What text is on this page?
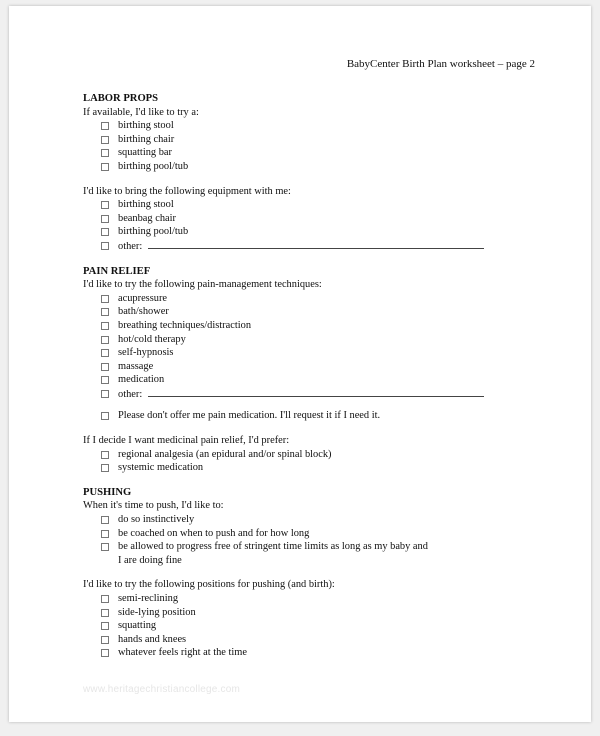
BabyCenter Birth Plan worksheet – page 2
LABOR PROPS
If available, I'd like to try a:
birthing stool
birthing chair
squatting bar
birthing pool/tub
I'd like to bring the following equipment with me:
birthing stool
beanbag chair
birthing pool/tub
other:
PAIN RELIEF
I'd like to try the following pain-management techniques:
acupressure
bath/shower
breathing techniques/distraction
hot/cold therapy
self-hypnosis
massage
medication
other:
Please don't offer me pain medication. I'll request it if I need it.
If I decide I want medicinal pain relief, I'd prefer:
regional analgesia (an epidural and/or spinal block)
systemic medication
PUSHING
When it's time to push, I'd like to:
do so instinctively
be coached on when to push and for how long
be allowed to progress free of stringent time limits as long as my baby and
I are doing fine
I'd like to try the following positions for pushing (and birth):
semi-reclining
side-lying position
squatting
hands and knees
whatever feels right at the time
www.heritagechristiancollege.com
